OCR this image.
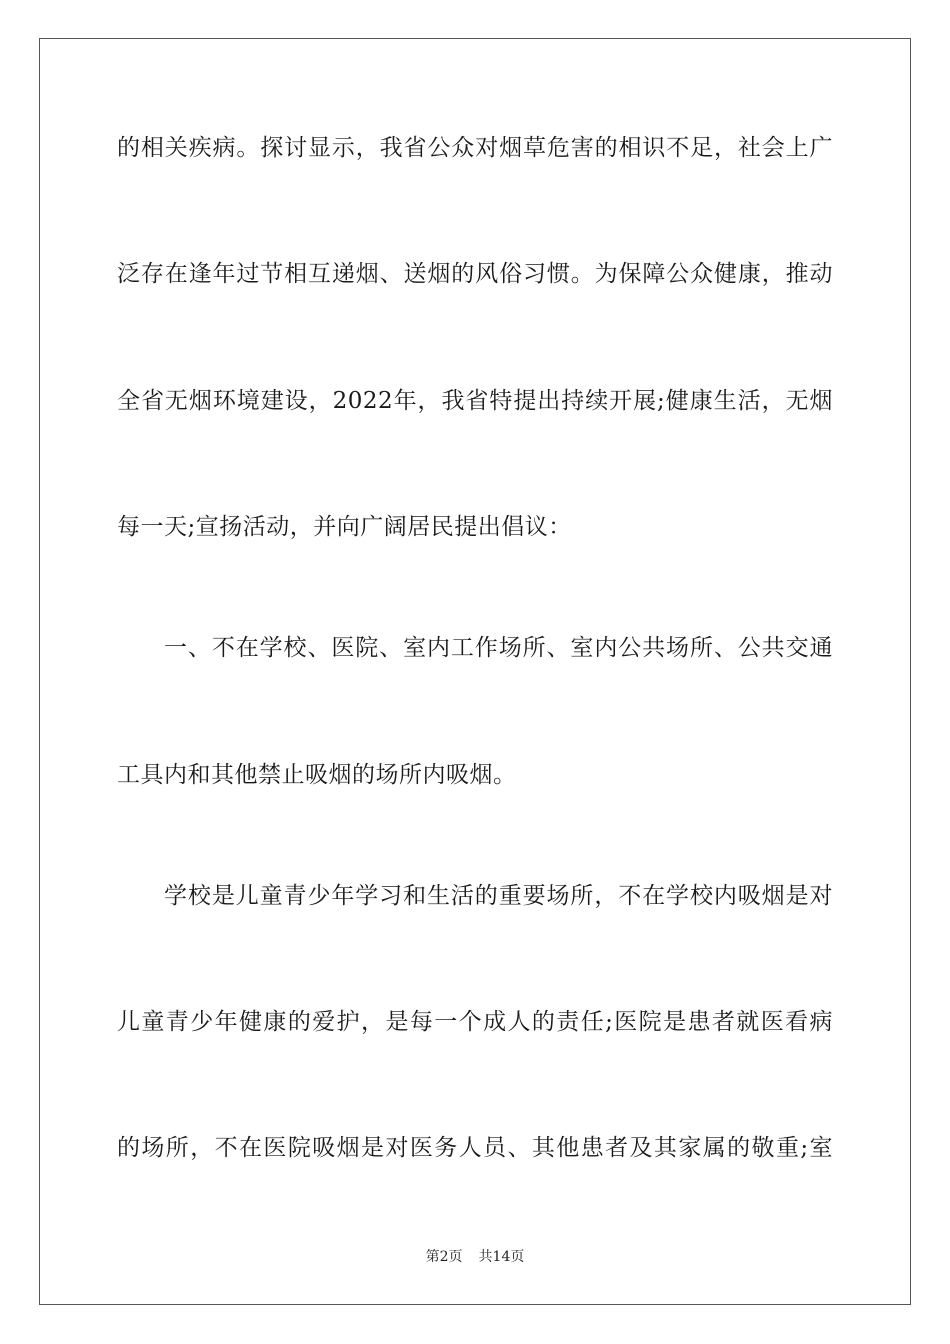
的相关疾病。探讨显示，我省公众对烟草危害的相识不足，社会上广
泛存在逢年过节相互递烟、送烟的风俗习惯。为保障公众健康，推动
全省无烟环境建设，2022年，我省特提出持续开展;健康生活，无烟
每一天;宣扬活动，并向广阔居民提出倡议：
一、不在学校、医院、室内工作场所、室内公共场所、公共交通
工具内和其他禁止吸烟的场所内吸烟。
学校是儿童青少年学习和生活的重要场所，不在学校内吸烟是对
儿童青少年健康的爱护，是每一个成人的责任;医院是患者就医看病
的场所，不在医院吸烟是对医务人员、其他患者及其家属的敬重;室
第2页 共14页
